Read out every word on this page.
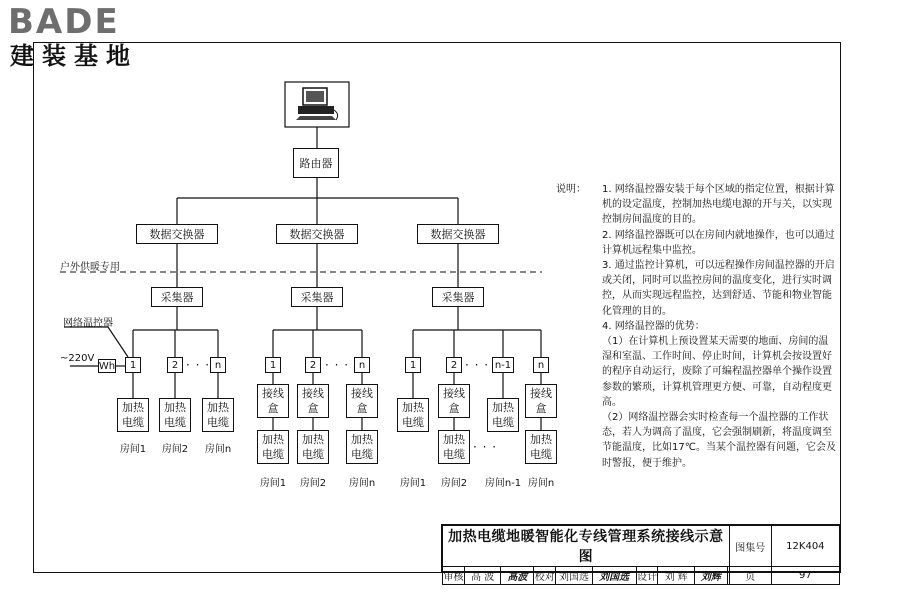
BADE
建装基地
路由器
数据交换器	数据交换器	数据交换器
户外供暖专用
采集器	采集器	采集器
网络温控器
~220V
Wh	1	2	n
· · ·
加热电缆
加热电缆
加热电缆
房间1	房间2	房间n
1	2	n
· · ·
接线盒
接线盒
接线盒
加热电缆
加热电缆
加热电缆
房间1	房间2	房间n
1	2	n-1	n
· · ·
加热电缆
接线盒	加热电缆
接线盒
加热电缆
加热电缆
· · ·
房间1	房间2	房间n-1 房间n
说明： 1. 网络温控器安装于每个区域的指定位置，根据计算机的设定温度，控制加热电缆电源的开与关，以实现控制房间温度的目的。
2. 网络温控器既可以在房间内就地操作，也可以通过计算机远程集中监控。
3. 通过监控计算机，可以远程操作房间温控器的开启或关闭，同时可以监控房间的温度变化，进行实时调控，从而实现远程监控，达到舒适、节能和物业智能化管理的目的。
4. 网络温控器的优势：
（1）在计算机上预设置某天需要的地面、房间的温湿和室温、工作时间、停止时间，计算机会按设置好的程序自动运行，废除了可编程温控器单个操作设置参数的繁琐，计算机管理更方便、可靠，自动程度更高。
（2）网络温控器会实时检查每一个温控器的工作状态，若人为调高了温度，它会强制刷新，将温度调至节能温度，比如17℃。当某个温控器有问题，它会及时警报，便于维护。
加热电缆地暖智能化专线管理系统接线示意图										图集号	12K404
审核	高 波	高波	校对	刘国选	刘国选	设计	刘 辉	刘辉		页	97
